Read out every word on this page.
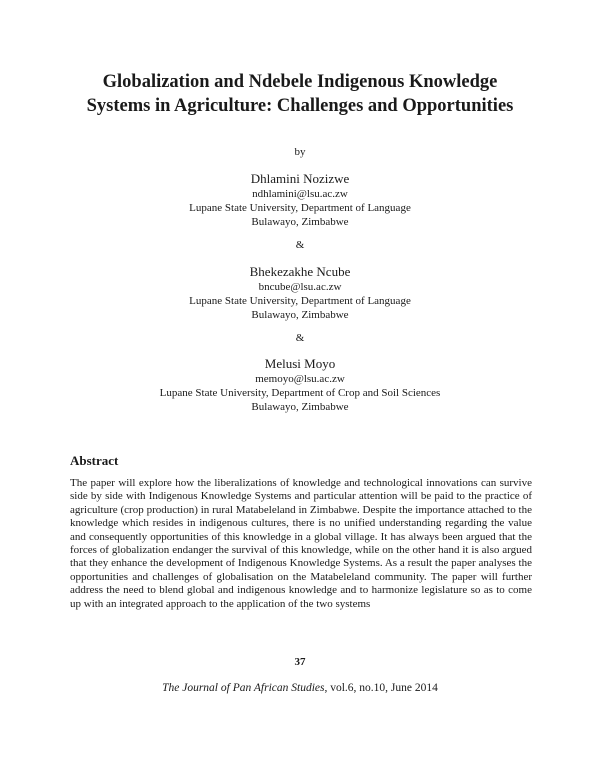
Globalization and Ndebele Indigenous Knowledge
Systems in Agriculture: Challenges and Opportunities
by
Dhlamini Nozizwe
ndhlamini@lsu.ac.zw
Lupane State University, Department of Language
Bulawayo, Zimbabwe
&
Bhekezakhe Ncube
bncube@lsu.ac.zw
Lupane State University, Department of Language
Bulawayo, Zimbabwe
&
Melusi Moyo
memoyo@lsu.ac.zw
Lupane State University, Department of Crop and Soil Sciences
Bulawayo, Zimbabwe
Abstract

The paper will explore how the liberalizations of knowledge and technological innovations can survive side by side with Indigenous Knowledge Systems and particular attention will be paid to the practice of agriculture (crop production) in rural Matabeleland in Zimbabwe. Despite the importance attached to the knowledge which resides in indigenous cultures, there is no unified understanding regarding the value and consequently opportunities of this knowledge in a global village. It has always been argued that the forces of globalization endanger the survival of this knowledge, while on the other hand it is also argued that they enhance the development of Indigenous Knowledge Systems. As a result the paper analyses the opportunities and challenges of globalisation on the Matabeleland community. The paper will further address the need to blend global and indigenous knowledge and to harmonize legislature so as to come up with an integrated approach to the application of the two systems

37
The Journal of Pan African Studies, vol.6, no.10, June 2014
